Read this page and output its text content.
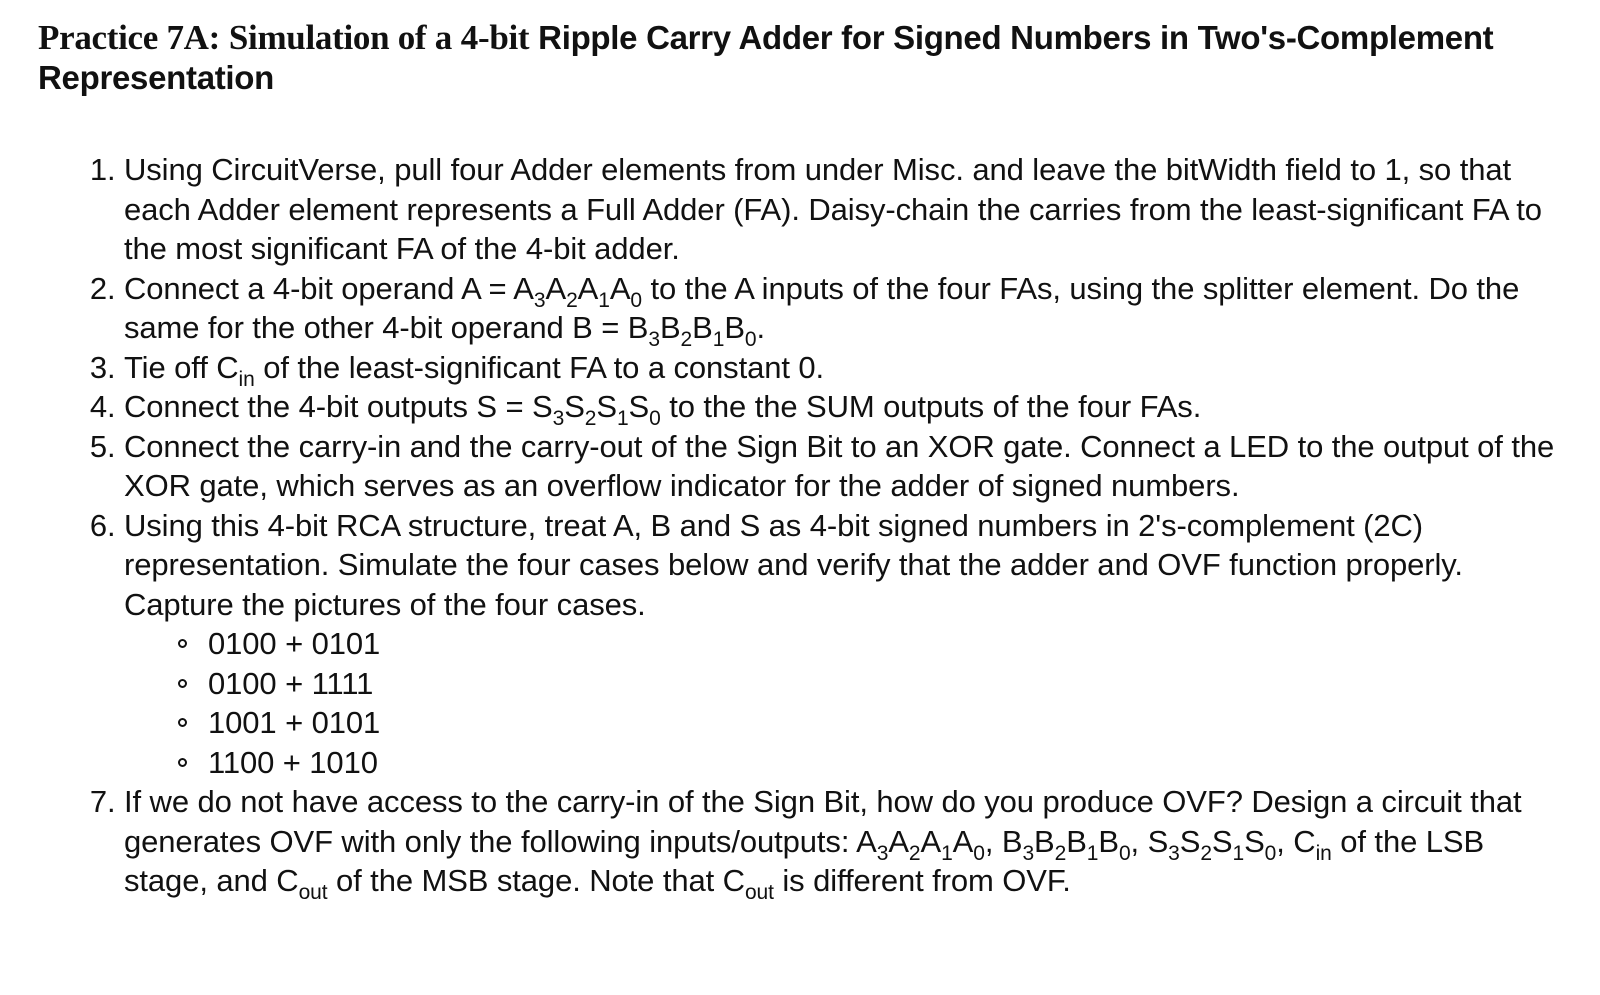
Practice 7A: Simulation of a 4-bit Ripple Carry Adder for Signed Numbers in Two's-Complement Representation
1. Using CircuitVerse, pull four Adder elements from under Misc. and leave the bitWidth field to 1, so that each Adder element represents a Full Adder (FA). Daisy-chain the carries from the least-significant FA to the most significant FA of the 4-bit adder.
2. Connect a 4-bit operand $A = A_3A_2A_1A_0$ to the A inputs of the four FAs, using the splitter element. Do the same for the other 4-bit operand $B = B_3B_2B_1B_0$.
3. Tie off $C_{in}$ of the least-significant FA to a constant 0.
4. Connect the 4-bit outputs $S = S_3S_2S_1S_0$ to the the SUM outputs of the four FAs.
5. Connect the carry-in and the carry-out of the Sign Bit to an XOR gate. Connect a LED to the output of the XOR gate, which serves as an overflow indicator for the adder of signed numbers.
6. Using this 4-bit RCA structure, treat A, B and S as 4-bit signed numbers in 2's-complement (2C) representation. Simulate the four cases below and verify that the adder and OVF function properly. Capture the pictures of the four cases.
0100 + 0101
0100 + 1111
1001 + 0101
1100 + 1010
7. If we do not have access to the carry-in of the Sign Bit, how do you produce OVF? Design a circuit that generates OVF with only the following inputs/outputs: $A_3A_2A_1A_0$, $B_3B_2B_1B_0$, $S_3S_2S_1S_0$, $C_{in}$ of the LSB stage, and $C_{out}$ of the MSB stage. Note that $C_{out}$ is different from OVF.
